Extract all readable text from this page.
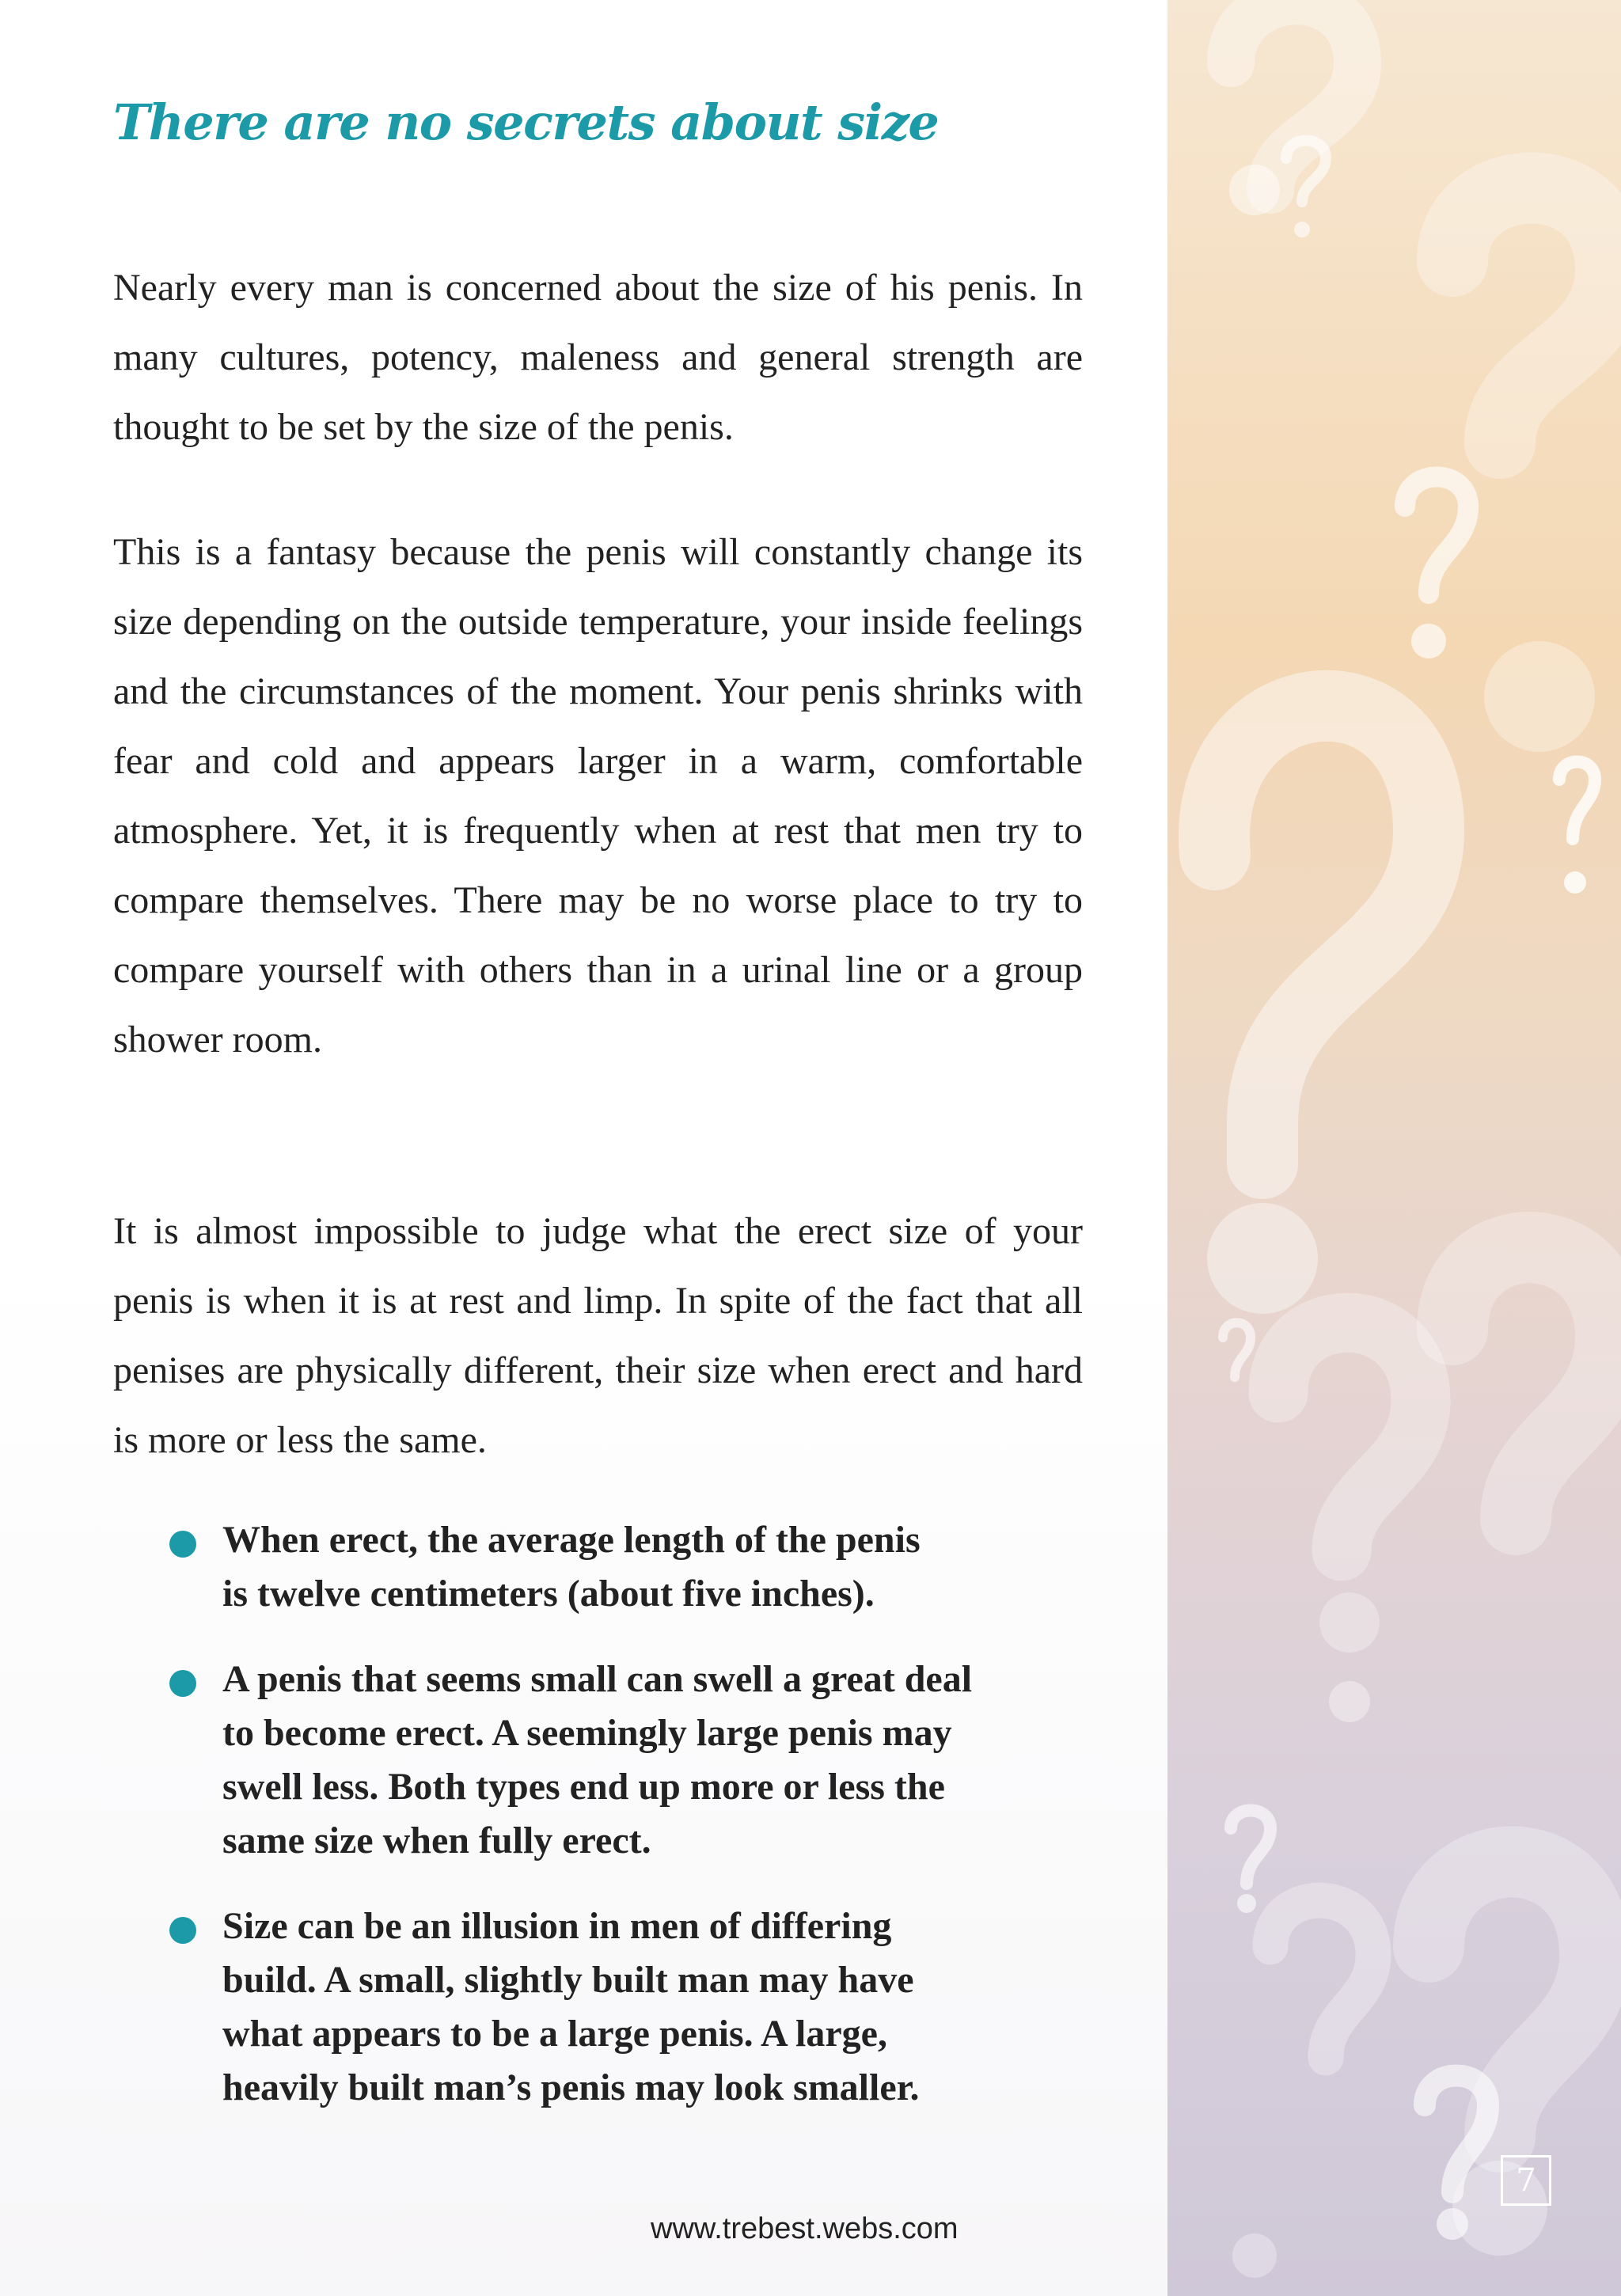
There are no secrets about size

Nearly every man is concerned about the size of his penis. In many cultures, potency, maleness and general strength are thought to be set by the size of the penis.

This is a fantasy because the penis will constantly change its size depending on the outside temperature, your inside feelings and the circumstances of the moment. Your penis shrinks with fear and cold and appears larger in a warm, comfortable atmosphere. Yet, it is frequently when at rest that men try to compare themselves. There may be no worse place to try to compare yourself with others than in a urinal line or a group shower room.

It is almost impossible to judge what the erect size of your penis is when it is at rest and limp. In spite of the fact that all penises are physically different, their size when erect and hard is more or less the same.

When erect, the average length of the penis
is twelve centimeters (about five inches).
A penis that seems small can swell a great deal
to become erect. A seemingly large penis may
swell less. Both types end up more or less the
same size when fully erect.
Size can be an illusion in men of differing
build. A small, slightly built man may have
what appears to be a large penis. A large,
heavily built man’s penis may look smaller.
7
www.trebest.webs.com
